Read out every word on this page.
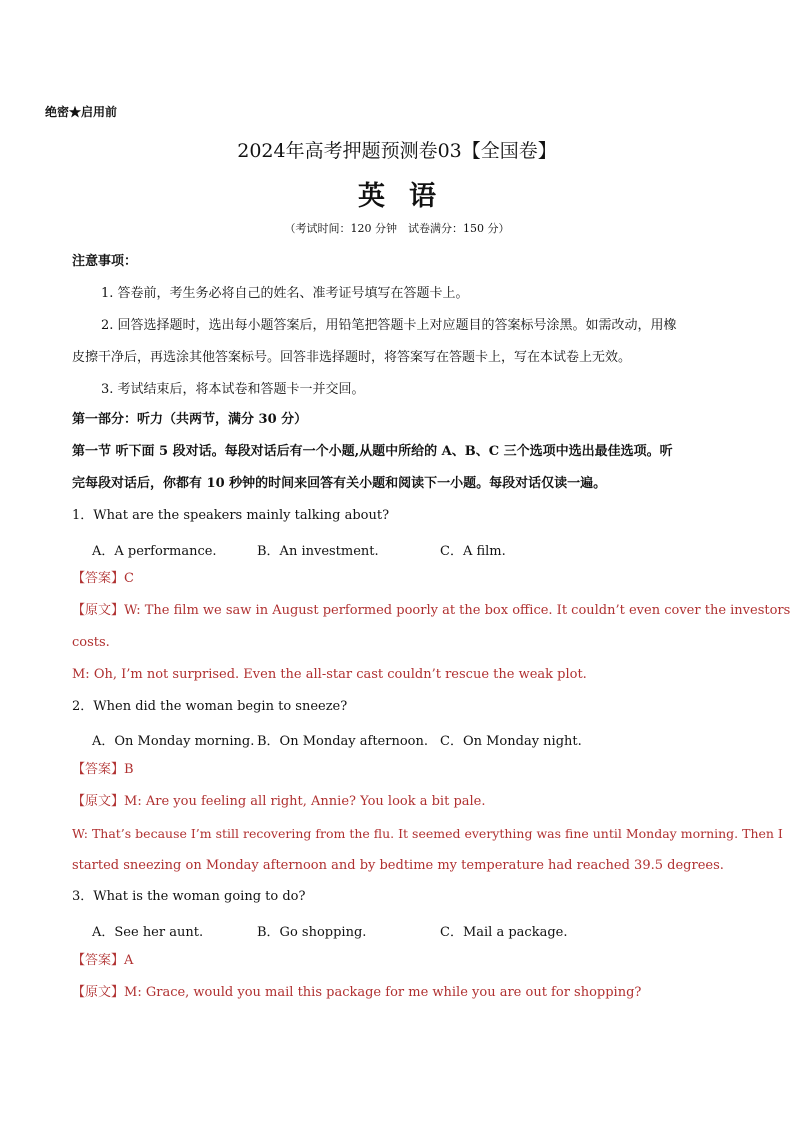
绝密★启用前
2024年高考押题预测卷03【全国卷】
英语
（考试时间：120 分钟　试卷满分：150 分）
注意事项：
1. 答卷前，考生务必将自己的姓名、准考证号填写在答题卡上。
2. 回答选择题时，选出每小题答案后，用铅笔把答题卡上对应题目的答案标号涂黑。如需改动，用橡
皮擦干净后，再选涂其他答案标号。回答非选择题时，将答案写在答题卡上，写在本试卷上无效。
3. 考试结束后，将本试卷和答题卡一并交回。
第一部分：听力（共两节，满分 30 分）
第一节 听下面 5 段对话。每段对话后有一个小题,从题中所给的 A、B、C 三个选项中选出最佳选项。听
完每段对话后，你都有 10 秒钟的时间来回答有关小题和阅读下一小题。每段对话仅读一遍。
1．What are the speakers mainly talking about?
A．A performance.	B．An investment.	C．A film.
【答案】C
【原文】W: The film we saw in August performed poorly at the box office. It couldn’t even cover the investors
costs.
M: Oh, I’m not surprised. Even the all-star cast couldn’t rescue the weak plot.
2．When did the woman begin to sneeze?
A．On Monday morning. B．On Monday afternoon. C．On Monday night.
【答案】B
【原文】M: Are you feeling all right, Annie? You look a bit pale.
W: That’s because I’m still recovering from the flu. It seemed everything was fine until Monday morning. Then I
started sneezing on Monday afternoon and by bedtime my temperature had reached 39.5 degrees.
3．What is the woman going to do?
A．See her aunt.	B．Go shopping.	C．Mail a package.
【答案】A
【原文】M: Grace, would you mail this package for me while you are out for shopping?
